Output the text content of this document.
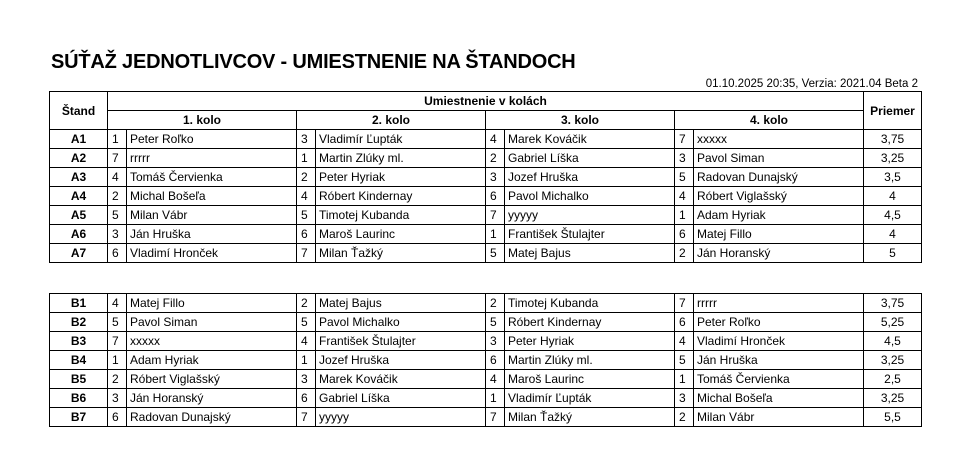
SÚŤAŽ JEDNOTLIVCOV - UMIESTNENIE NA ŠTANDOCH
01.10.2025 20:35, Verzia: 2021.04 Beta 2
Štand	Umiestnenie v kolách								Priemer
	1. kolo		2. kolo		3. kolo		4. kolo		
A1	1	Peter Roľko	3	Vladimír Ľupták	4	Marek Kováčik	7	xxxxx	3,75
A2	7	rrrrr	1	Martin Zlúky ml.	2	Gabriel Líška	3	Pavol Siman	3,25
A3	4	Tomáš Červienka	2	Peter Hyriak	3	Jozef Hruška	5	Radovan Dunajský	3,5
A4	2	Michal Bošeľa	4	Róbert Kindernay	6	Pavol Michalko	4	Róbert Viglašský	4
A5	5	Milan Vábr	5	Timotej Kubanda	7	yyyyy	1	Adam Hyriak	4,5
A6	3	Ján Hruška	6	Maroš Laurinc	1	František Štulajter	6	Matej Fillo	4
A7	6	Vladimí Hronček	7	Milan Ťažký	5	Matej Bajus	2	Ján Horanský	5
B1	4	Matej Fillo	2	Matej Bajus	2	Timotej Kubanda	7	rrrrr	3,75
B2	5	Pavol Siman	5	Pavol Michalko	5	Róbert Kindernay	6	Peter Roľko	5,25
B3	7	xxxxx	4	František Štulajter	3	Peter Hyriak	4	Vladimí Hronček	4,5
B4	1	Adam Hyriak	1	Jozef Hruška	6	Martin Zlúky ml.	5	Ján Hruška	3,25
B5	2	Róbert Viglašský	3	Marek Kováčik	4	Maroš Laurinc	1	Tomáš Červienka	2,5
B6	3	Ján Horanský	6	Gabriel Líška	1	Vladimír Ľupták	3	Michal Bošeľa	3,25
B7	6	Radovan Dunajský	7	yyyyy	7	Milan Ťažký	2	Milan Vábr	5,5
